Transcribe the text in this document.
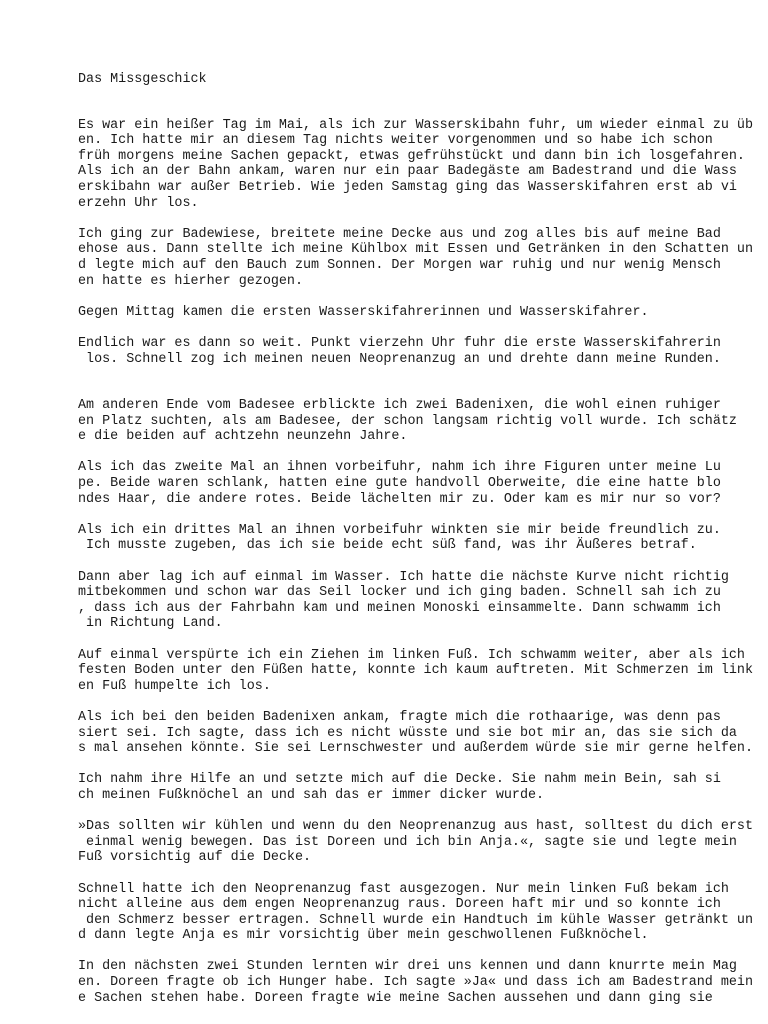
Das Missgeschick
Es war ein heißer Tag im Mai, als ich zur Wasserskibahn fuhr, um wieder einmal zu üb
en. Ich hatte mir an diesem Tag nichts weiter vorgenommen und so habe ich schon
früh morgens meine Sachen gepackt, etwas gefrühstückt und dann bin ich losgefahren.
Als ich an der Bahn ankam, waren nur ein paar Badegäste am Badestrand und die Wass
erskibahn war außer Betrieb. Wie jeden Samstag ging das Wasserskifahren erst ab vi
erzehn Uhr los.
Ich ging zur Badewiese, breitete meine Decke aus und zog alles bis auf meine Bad
ehose aus. Dann stellte ich meine Kühlbox mit Essen und Getränken in den Schatten un
d legte mich auf den Bauch zum Sonnen. Der Morgen war ruhig und nur wenig Mensch
en hatte es hierher gezogen.
Gegen Mittag kamen die ersten Wasserskifahrerinnen und Wasserskifahrer.
Endlich war es dann so weit. Punkt vierzehn Uhr fuhr die erste Wasserskifahrerin
los. Schnell zog ich meinen neuen Neoprenanzug an und drehte dann meine Runden.
Am anderen Ende vom Badesee erblickte ich zwei Badenixen, die wohl einen ruhiger
en Platz suchten, als am Badesee, der schon langsam richtig voll wurde. Ich schätz
e die beiden auf achtzehn neunzehn Jahre.
Als ich das zweite Mal an ihnen vorbeifuhr, nahm ich ihre Figuren unter meine Lu
pe. Beide waren schlank, hatten eine gute handvoll Oberweite, die eine hatte blo
ndes Haar, die andere rotes. Beide lächelten mir zu. Oder kam es mir nur so vor?
Als ich ein drittes Mal an ihnen vorbeifuhr winkten sie mir beide freundlich zu.
Ich musste zugeben, das ich sie beide echt süß fand, was ihr Äußeres betraf.
Dann aber lag ich auf einmal im Wasser. Ich hatte die nächste Kurve nicht richtig
mitbekommen und schon war das Seil locker und ich ging baden. Schnell sah ich zu
, dass ich aus der Fahrbahn kam und meinen Monoski einsammelte. Dann schwamm ich
in Richtung Land.
Auf einmal verspürte ich ein Ziehen im linken Fuß. Ich schwamm weiter, aber als ich
festen Boden unter den Füßen hatte, konnte ich kaum auftreten. Mit Schmerzen im link
en Fuß humpelte ich los.
Als ich bei den beiden Badenixen ankam, fragte mich die rothaarige, was denn pas
siert sei. Ich sagte, dass ich es nicht wüsste und sie bot mir an, das sie sich da
s mal ansehen könnte. Sie sei Lernschwester und außerdem würde sie mir gerne helfen.
Ich nahm ihre Hilfe an und setzte mich auf die Decke. Sie nahm mein Bein, sah si
ch meinen Fußknöchel an und sah das er immer dicker wurde.
»Das sollten wir kühlen und wenn du den Neoprenanzug aus hast, solltest du dich erst
einmal wenig bewegen. Das ist Doreen und ich bin Anja.«, sagte sie und legte mein
Fuß vorsichtig auf die Decke.
Schnell hatte ich den Neoprenanzug fast ausgezogen. Nur mein linken Fuß bekam ich
nicht alleine aus dem engen Neoprenanzug raus. Doreen haft mir und so konnte ich
den Schmerz besser ertragen. Schnell wurde ein Handtuch im kühle Wasser getränkt un
d dann legte Anja es mir vorsichtig über mein geschwollenen Fußknöchel.
In den nächsten zwei Stunden lernten wir drei uns kennen und dann knurrte mein Mag
en. Doreen fragte ob ich Hunger habe. Ich sagte »Ja« und dass ich am Badestrand mein
e Sachen stehen habe. Doreen fragte wie meine Sachen aussehen und dann ging sie
